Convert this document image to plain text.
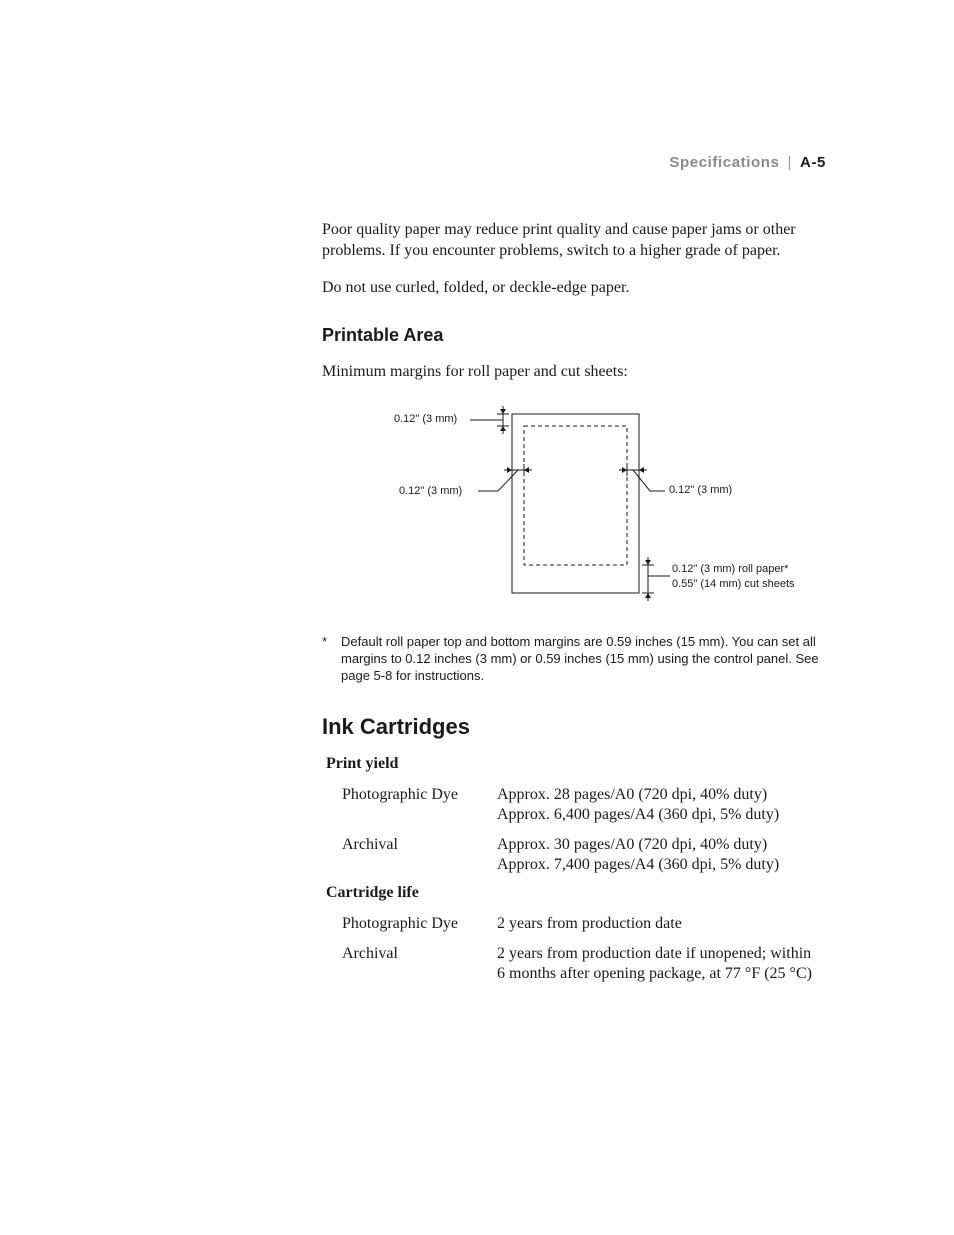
Specifications | A-5

Poor quality paper may reduce print quality and cause paper jams or other problems. If you encounter problems, switch to a higher grade of paper.

Do not use curled, folded, or deckle-edge paper.

Printable Area

Minimum margins for roll paper and cut sheets:

0.12" (3 mm)
0.12" (3 mm)	0.12" (3 mm)
0.12" (3 mm) roll paper*
0.55" (14 mm) cut sheets
*	Default roll paper top and bottom margins are 0.59 inches (15 mm). You can set all margins to 0.12 inches (3 mm) or 0.59 inches (15 mm) using the control panel. See page 5-8 for instructions.
Ink Cartridges
Print yield
Photographic Dye Approx. 28 pages/A0 (720 dpi, 40% duty)
Approx. 6,400 pages/A4 (360 dpi, 5% duty)
Archival	Approx. 30 pages/A0 (720 dpi, 40% duty)
Approx. 7,400 pages/A4 (360 dpi, 5% duty)
Cartridge life
Photographic Dye 2 years from production date
Archival	2 years from production date if unopened; within
6 months after opening package, at 77 °F (25 °C)
